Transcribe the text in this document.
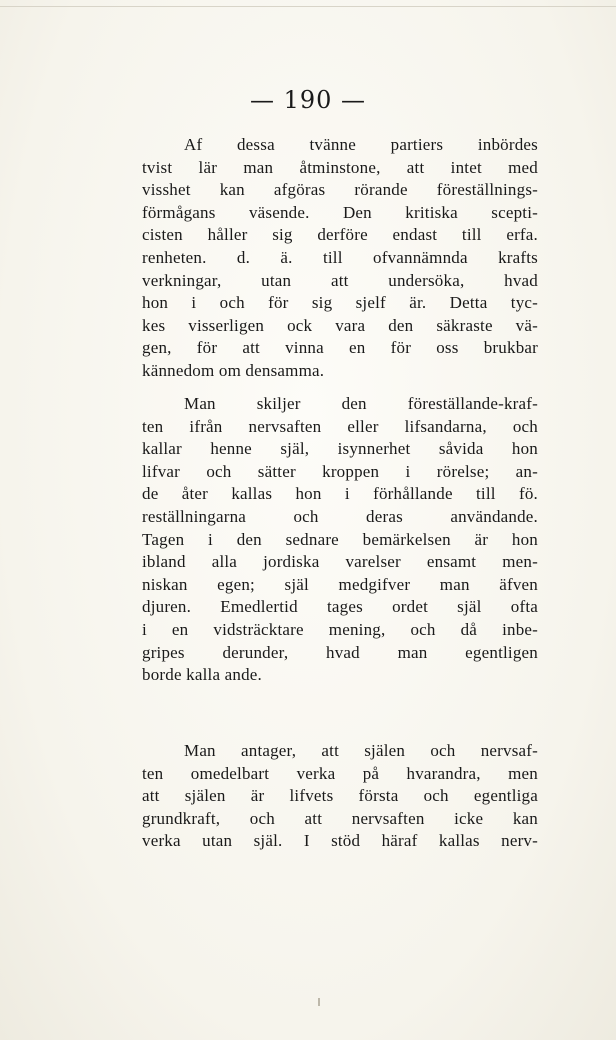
— 190 —
Af dessa tvänne partiers inbördes
tvist lär man åtminstone, att intet med
visshet kan afgöras rörande föreställnings-
förmågans väsende. Den kritiska scepti-
cisten håller sig derföre endast till erfa.
renheten. d. ä. till ofvannämnda krafts
verkningar, utan att undersöka, hvad
hon i och för sig sjelf är. Detta tyc-
kes visserligen ock vara den säkraste vä-
gen, för att vinna en för oss brukbar
kännedom om densamma.
Man skiljer den föreställande-kraf-
ten ifrån nervsaften eller lifsandarna, och
kallar henne själ, isynnerhet såvida hon
lifvar och sätter kroppen i rörelse; an-
de åter kallas hon i förhållande till fö.
reställningarna och deras användande.
Tagen i den sednare bemärkelsen är hon
ibland alla jordiska varelser ensamt men-
niskan egen; själ medgifver man äfven
djuren. Emedlertid tages ordet själ ofta
i en vidsträcktare mening, och då inbe-
gripes derunder, hvad man egentligen
borde kalla ande.
Man antager, att själen och nervsaf-
ten omedelbart verka på hvarandra, men
att själen är lifvets första och egentliga
grundkraft, och att nervsaften icke kan
verka utan själ. I stöd häraf kallas nerv-
